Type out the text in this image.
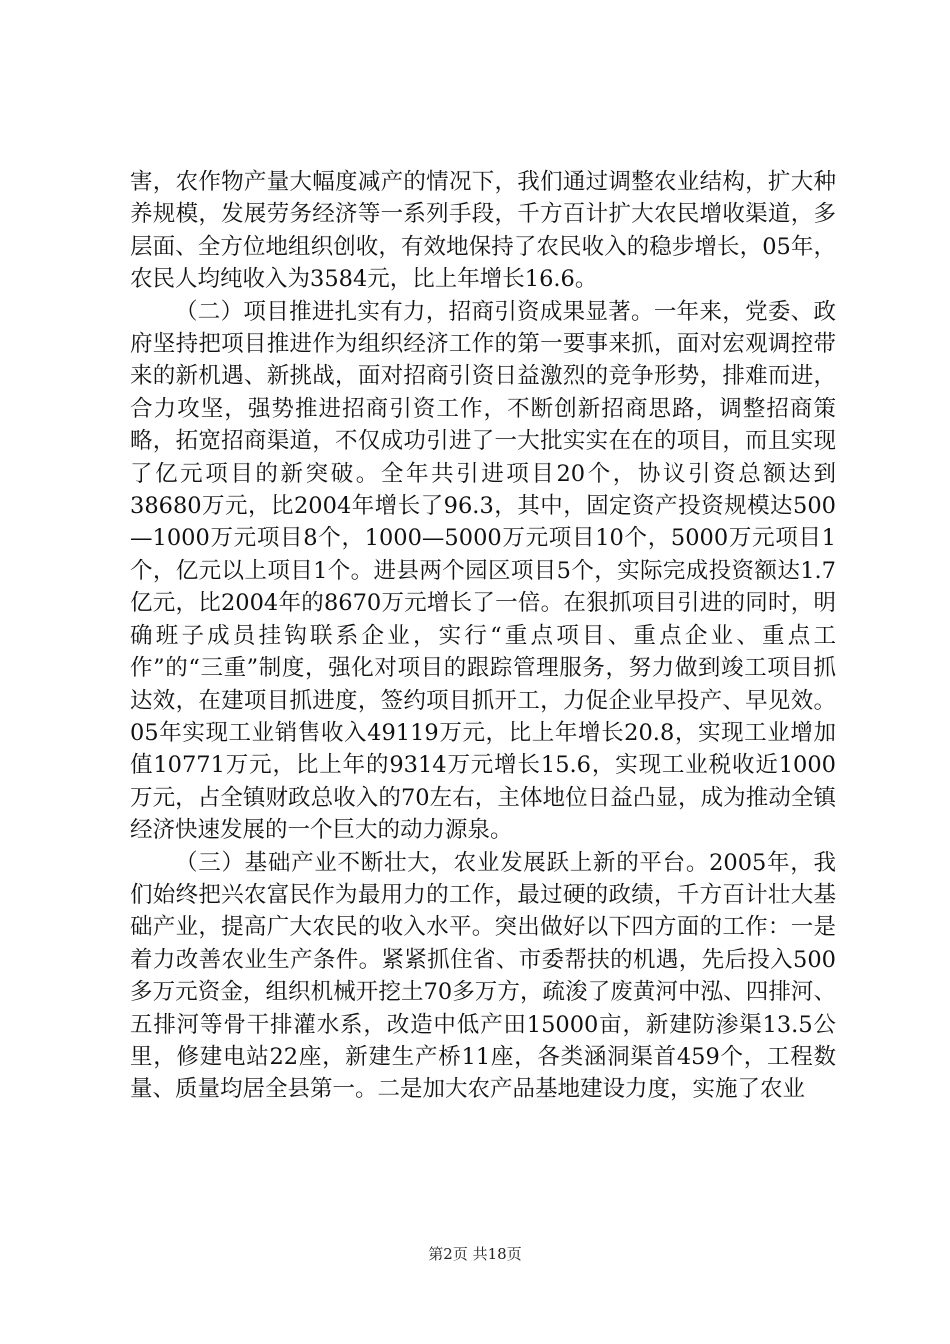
害，农作物产量大幅度减产的情况下，我们通过调整农业结构，扩大种养规模，发展劳务经济等一系列手段，千方百计扩大农民增收渠道，多层面、全方位地组织创收，有效地保持了农民收入的稳步增长，05年，农民人均纯收入为3584元，比上年增长16.6。

（二）项目推进扎实有力，招商引资成果显著。一年来，党委、政府坚持把项目推进作为组织经济工作的第一要事来抓，面对宏观调控带来的新机遇、新挑战，面对招商引资日益激烈的竞争形势，排难而进，合力攻坚，强势推进招商引资工作，不断创新招商思路，调整招商策略，拓宽招商渠道，不仅成功引进了一大批实实在在的项目，而且实现了亿元项目的新突破。全年共引进项目20个，协议引资总额达到38680万元，比2004年增长了96.3，其中，固定资产投资规模达500—1000万元项目8个，1000—5000万元项目10个，5000万元项目1个，亿元以上项目1个。进县两个园区项目5个，实际完成投资额达1.7亿元，比2004年的8670万元增长了一倍。在狠抓项目引进的同时，明确班子成员挂钩联系企业，实行“重点项目、重点企业、重点工作”的“三重”制度，强化对项目的跟踪管理服务，努力做到竣工项目抓达效，在建项目抓进度，签约项目抓开工，力促企业早投产、早见效。05年实现工业销售收入49119万元，比上年增长20.8，实现工业增加值10771万元，比上年的9314万元增长15.6，实现工业税收近1000万元，占全镇财政总收入的70左右，主体地位日益凸显，成为推动全镇经济快速发展的一个巨大的动力源泉。

（三）基础产业不断壮大，农业发展跃上新的平台。2005年，我们始终把兴农富民作为最用力的工作，最过硬的政绩，千方百计壮大基础产业，提高广大农民的收入水平。突出做好以下四方面的工作：一是着力改善农业生产条件。紧紧抓住省、市委帮扶的机遇，先后投入500多万元资金，组织机械开挖土70多万方，疏浚了废黄河中泓、四排河、五排河等骨干排灌水系，改造中低产田15000亩，新建防渗渠13.5公里，修建电站22座，新建生产桥11座，各类涵洞渠首459个，工程数量、质量均居全县第一。二是加大农产品基地建设力度，实施了农业

第2页 共18页
